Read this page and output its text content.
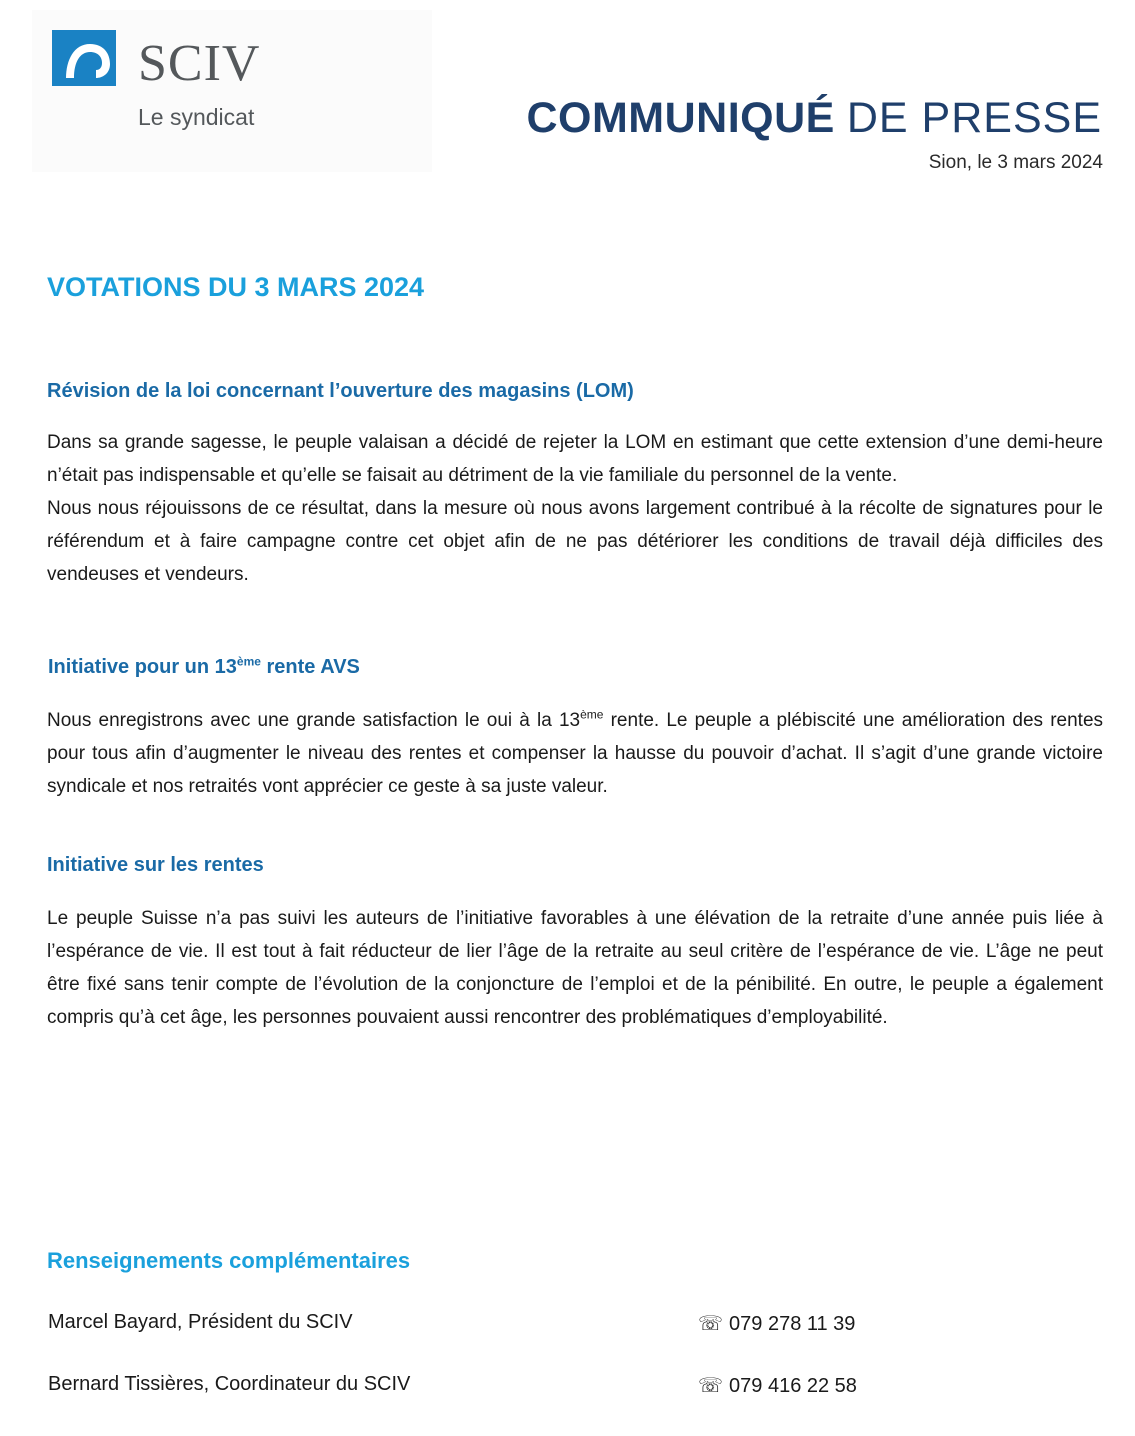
SCIV
Le syndicat	COMMUNIQUÉ DE PRESSE
Sion, le 3 mars 2024
VOTATIONS DU 3 MARS 2024
Révision de la loi concernant l’ouverture des magasins (LOM)

Dans sa grande sagesse, le peuple valaisan a décidé de rejeter la LOM en estimant que cette extension d’une demi-heure n’était pas indispensable et qu’elle se faisait au détriment de la vie familiale du personnel de la vente.

Nous nous réjouissons de ce résultat, dans la mesure où nous avons largement contribué à la récolte de signatures pour le référendum et à faire campagne contre cet objet afin de ne pas détériorer les conditions de travail déjà difficiles des vendeuses et vendeurs.

Initiative pour un 13ème rente AVS

Nous enregistrons avec une grande satisfaction le oui à la 13ème rente. Le peuple a plébiscité une amélioration des rentes pour tous afin d’augmenter le niveau des rentes et compenser la hausse du pouvoir d’achat. Il s’agit d’une grande victoire syndicale et nos retraités vont apprécier ce geste à sa juste valeur.

Initiative sur les rentes

Le peuple Suisse n’a pas suivi les auteurs de l’initiative favorables à une élévation de la retraite d’une année puis liée à l’espérance de vie. Il est tout à fait réducteur de lier l’âge de la retraite au seul critère de l’espérance de vie. L’âge ne peut être fixé sans tenir compte de l’évolution de la conjoncture de l’emploi et de la pénibilité. En outre, le peuple a également compris qu’à cet âge, les personnes pouvaient aussi rencontrer des problématiques d’employabilité.

Renseignements complémentaires
Marcel Bayard, Président du SCIV	☏ 079 278 11 39
Bernard Tissières, Coordinateur du SCIV	☏ 079 416 22 58
